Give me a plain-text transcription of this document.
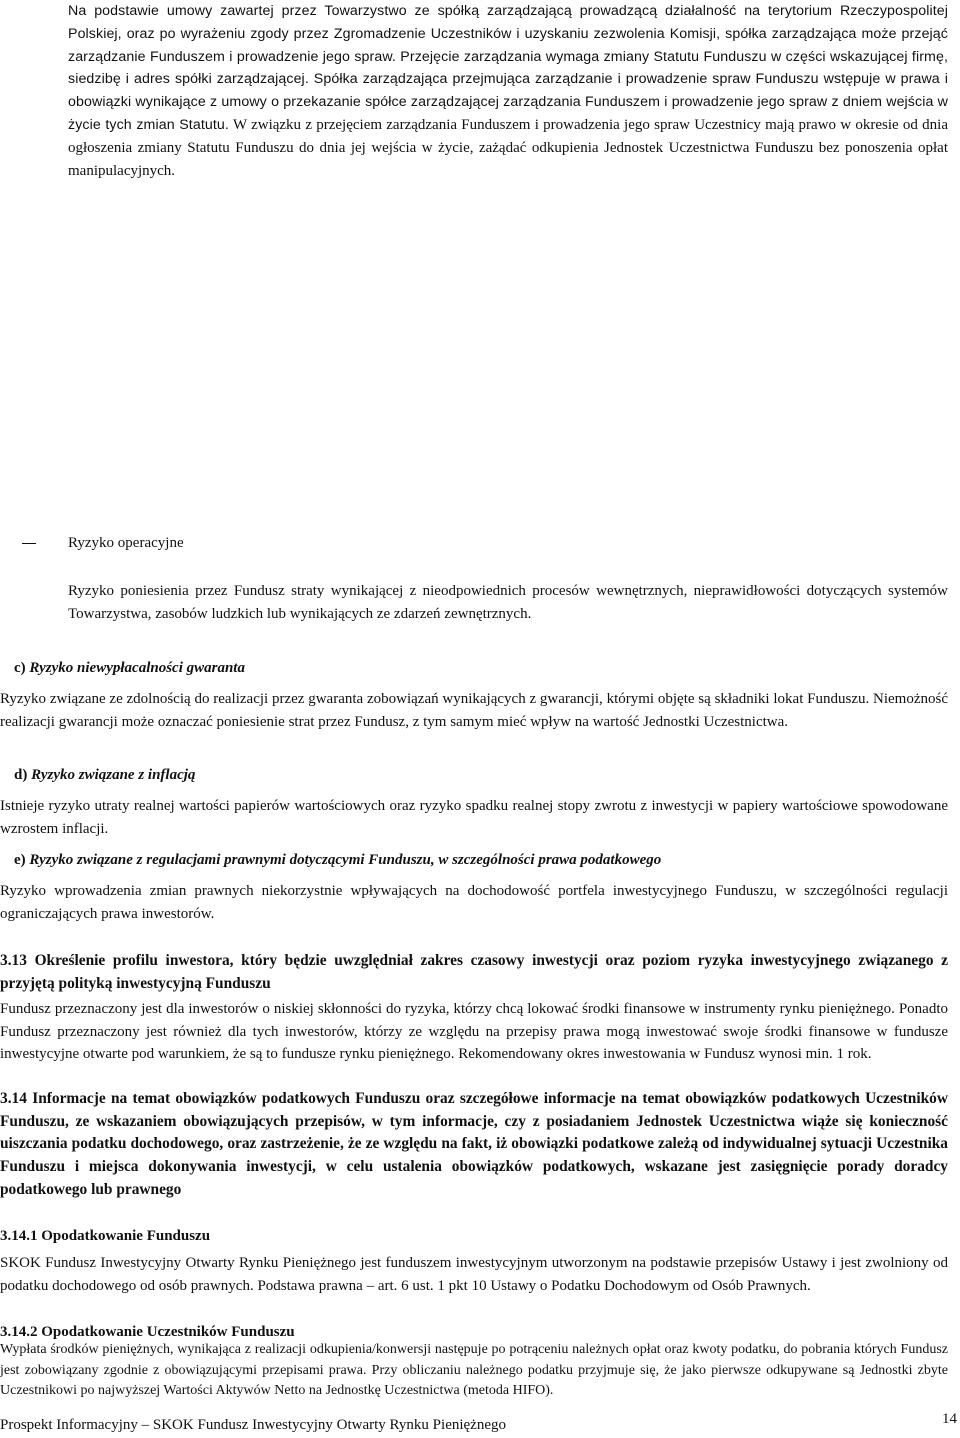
Na podstawie umowy zawartej przez Towarzystwo ze spółką zarządzającą prowadzącą działalność na terytorium Rzeczypospolitej Polskiej, oraz po wyrażeniu zgody przez Zgromadzenie Uczestników i uzyskaniu zezwolenia Komisji, spółka zarządzająca może przejąć zarządzanie Funduszem i prowadzenie jego spraw. Przejęcie zarządzania wymaga zmiany Statutu Funduszu w części wskazującej firmę, siedzibę i adres spółki zarządzającej. Spółka zarządzająca przejmująca zarządzanie i prowadzenie spraw Funduszu wstępuje w prawa i obowiązki wynikające z umowy o przekazanie spółce zarządzającej zarządzania Funduszem i prowadzenie jego spraw z dniem wejścia w życie tych zmian Statutu. W związku z przejęciem zarządzania Funduszem i prowadzenia jego spraw Uczestnicy mają prawo w okresie od dnia ogłoszenia zmiany Statutu Funduszu do dnia jej wejścia w życie, zażądać odkupienia Jednostek Uczestnictwa Funduszu bez ponoszenia opłat manipulacyjnych.

Ryzyko operacyjne

Ryzyko poniesienia przez Fundusz straty wynikającej z nieodpowiednich procesów wewnętrznych, nieprawidłowości dotyczących systemów Towarzystwa, zasobów ludzkich lub wynikających ze zdarzeń zewnętrznych.

c) Ryzyko niewypłacalności gwaranta

Ryzyko związane ze zdolnością do realizacji przez gwaranta zobowiązań wynikających z gwarancji, którymi objęte są składniki lokat Funduszu. Niemożność realizacji gwarancji może oznaczać poniesienie strat przez Fundusz, z tym samym mieć wpływ na wartość Jednostki Uczestnictwa.

d) Ryzyko związane z inflacją

Istnieje ryzyko utraty realnej wartości papierów wartościowych oraz ryzyko spadku realnej stopy zwrotu z inwestycji w papiery wartościowe spowodowane wzrostem inflacji.

e) Ryzyko związane z regulacjami prawnymi dotyczącymi Funduszu, w szczególności prawa podatkowego

Ryzyko wprowadzenia zmian prawnych niekorzystnie wpływających na dochodowość portfela inwestycyjnego Funduszu, w szczególności regulacji ograniczających prawa inwestorów.

3.13 Określenie profilu inwestora, który będzie uwzględniał zakres czasowy inwestycji oraz poziom ryzyka inwestycyjnego związanego z przyjętą polityką inwestycyjną Funduszu

Fundusz przeznaczony jest dla inwestorów o niskiej skłonności do ryzyka, którzy chcą lokować środki finansowe w instrumenty rynku pieniężnego. Ponadto Fundusz przeznaczony jest również dla tych inwestorów, którzy ze względu na przepisy prawa mogą inwestować swoje środki finansowe w fundusze inwestycyjne otwarte pod warunkiem, że są to fundusze rynku pieniężnego. Rekomendowany okres inwestowania w Fundusz wynosi min. 1 rok.

3.14 Informacje na temat obowiązków podatkowych Funduszu oraz szczegółowe informacje na temat obowiązków podatkowych Uczestników Funduszu, ze wskazaniem obowiązujących przepisów, w tym informacje, czy z posiadaniem Jednostek Uczestnictwa wiąże się konieczność uiszczania podatku dochodowego, oraz zastrzeżenie, że ze względu na fakt, iż obowiązki podatkowe zależą od indywidualnej sytuacji Uczestnika Funduszu i miejsca dokonywania inwestycji, w celu ustalenia obowiązków podatkowych, wskazane jest zasięgnięcie porady doradcy podatkowego lub prawnego

3.14.1 Opodatkowanie Funduszu

SKOK Fundusz Inwestycyjny Otwarty Rynku Pieniężnego jest funduszem inwestycyjnym utworzonym na podstawie przepisów Ustawy i jest zwolniony od podatku dochodowego od osób prawnych. Podstawa prawna – art. 6 ust. 1 pkt 10 Ustawy o Podatku Dochodowym od Osób Prawnych.

3.14.2 Opodatkowanie Uczestników Funduszu

Wypłata środków pieniężnych, wynikająca z realizacji odkupienia/konwersji następuje po potrąceniu należnych opłat oraz kwoty podatku, do pobrania których Fundusz jest zobowiązany zgodnie z obowiązującymi przepisami prawa. Przy obliczaniu należnego podatku przyjmuje się, że jako pierwsze odkupywane są Jednostki zbyte Uczestnikowi po najwyższej Wartości Aktywów Netto na Jednostkę Uczestnictwa (metoda HIFO).

Prospekt Informacyjny – SKOK Fundusz Inwestycyjny Otwarty Rynku Pieniężnego	14
